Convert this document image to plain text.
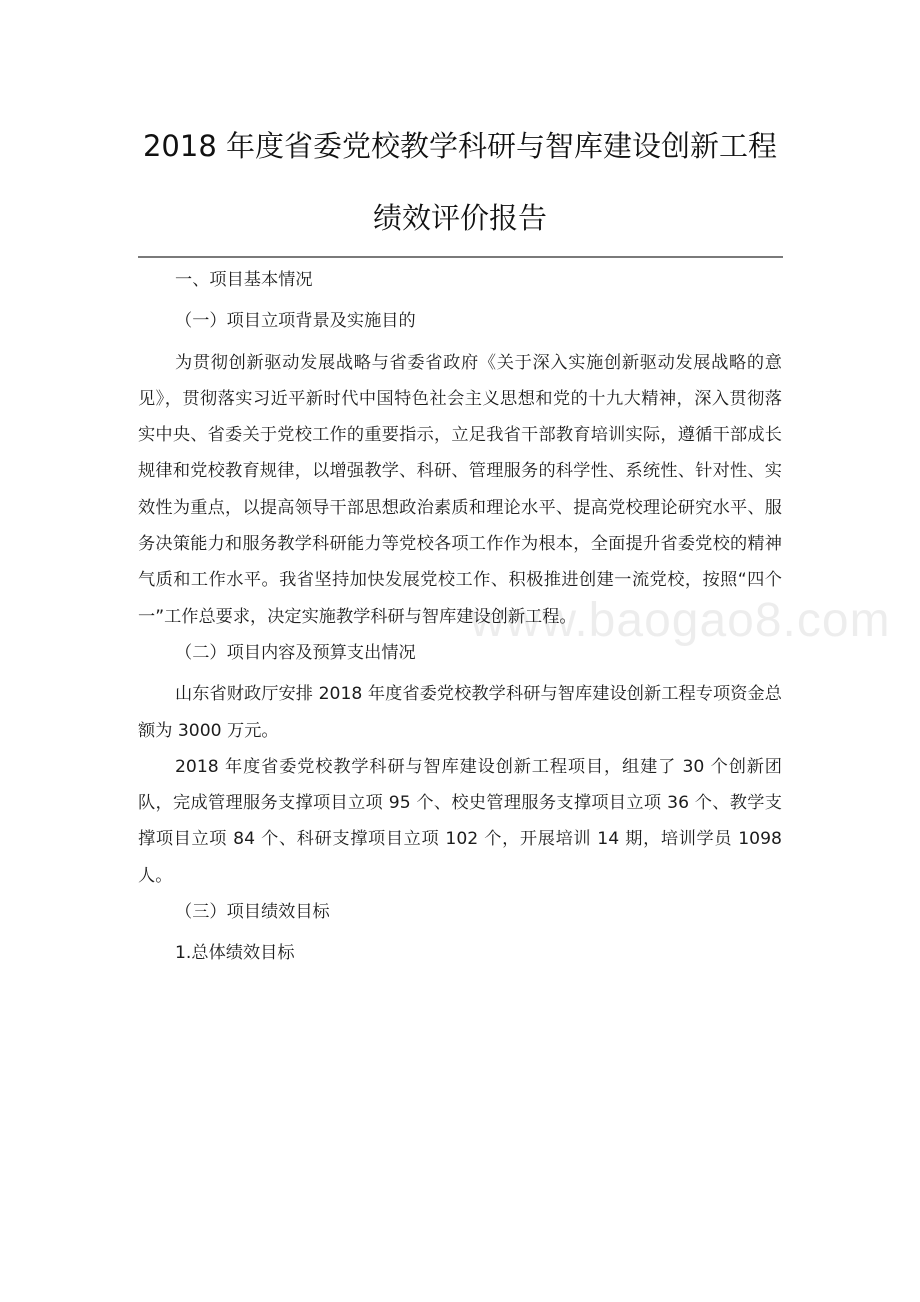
2018 年度省委党校教学科研与智库建设创新工程
绩效评价报告

一、项目基本情况

（一）项目立项背景及实施目的

为贯彻创新驱动发展战略与省委省政府《关于深入实施创新驱动发展战略的意见》，贯彻落实习近平新时代中国特色社会主义思想和党的十九大精神，深入贯彻落实中央、省委关于党校工作的重要指示，立足我省干部教育培训实际，遵循干部成长规律和党校教育规律，以增强教学、科研、管理服务的科学性、系统性、针对性、实效性为重点，以提高领导干部思想政治素质和理论水平、提高党校理论研究水平、服务决策能力和服务教学科研能力等党校各项工作作为根本，全面提升省委党校的精神气质和工作水平。我省坚持加快发展党校工作、积极推进创建一流党校，按照“四个一”工作总要求，决定实施教学科研与智库建设创新工程。

（二）项目内容及预算支出情况

山东省财政厅安排 2018 年度省委党校教学科研与智库建设创新工程专项资金总额为 3000 万元。

2018 年度省委党校教学科研与智库建设创新工程项目，组建了 30 个创新团队，完成管理服务支撑项目立项 95 个、校史管理服务支撑项目立项 36 个、教学支撑项目立项 84 个、科研支撑项目立项 102 个，开展培训 14 期，培训学员 1098 人。

（三）项目绩效目标

1.总体绩效目标

www.baogao8.com
